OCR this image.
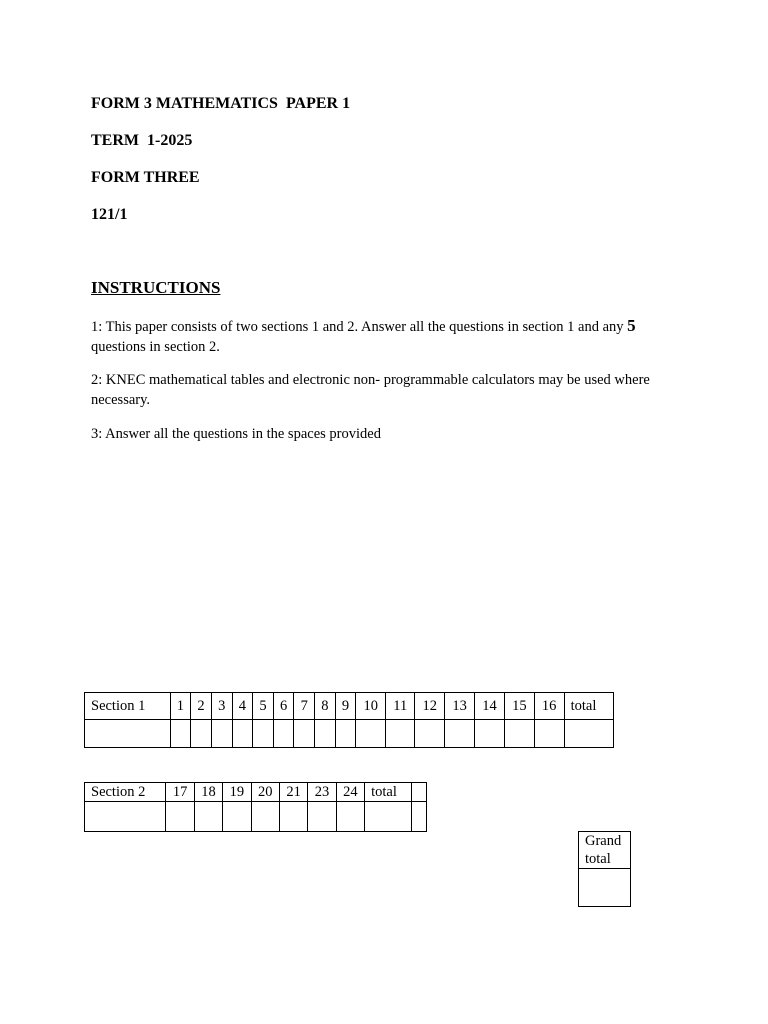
FORM 3 MATHEMATICS  PAPER 1

TERM  1-2025

FORM THREE

121/1

INSTRUCTIONS

1: This paper consists of two sections 1 and 2. Answer all the questions in section 1 and any 5 questions in section 2.

2: KNEC mathematical tables and electronic non- programmable calculators may be used where necessary.

3: Answer all the questions in the spaces provided

Section 1	1	2	3	4	5	6	7	8	9	10	11	12	13	14	15	16	total

Section 2	17	18	19	20	21	23	24	total	

Grand total
